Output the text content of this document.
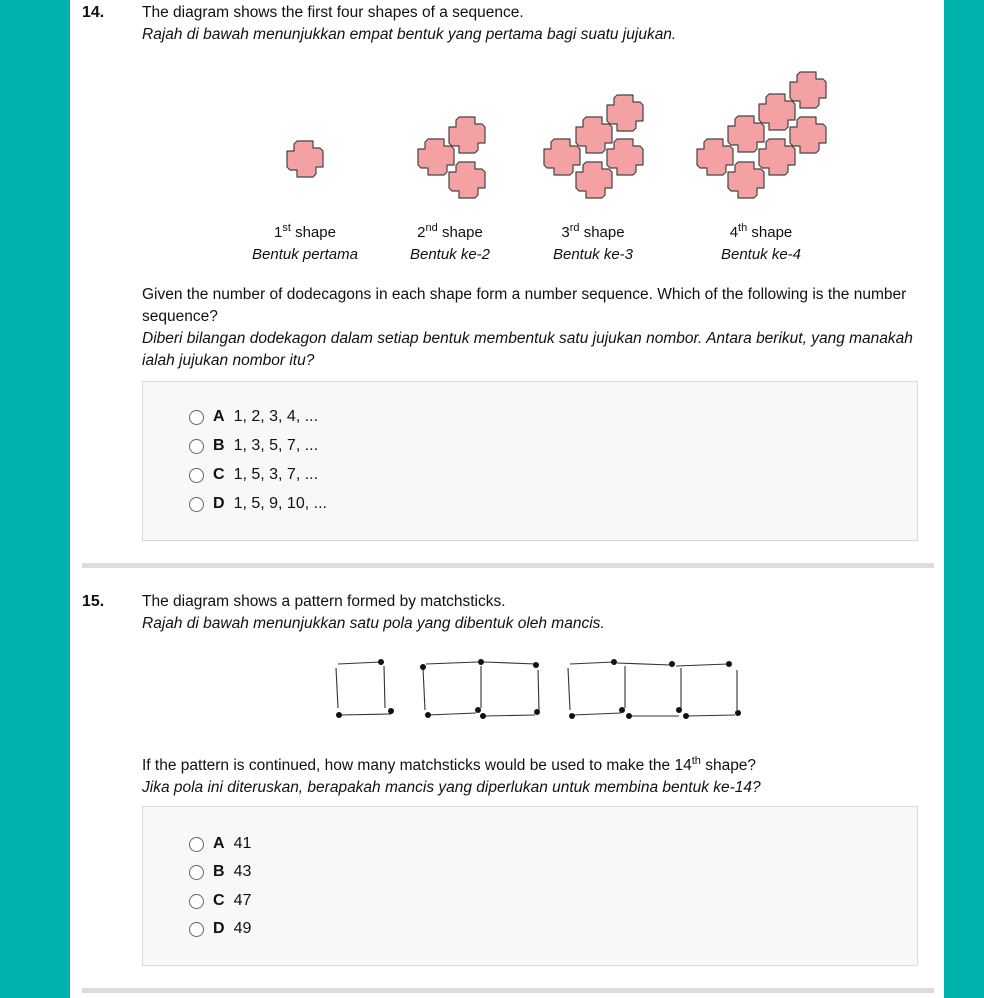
14. The diagram shows the first four shapes of a sequence.
Rajah di bawah menunjukkan empat bentuk yang pertama bagi suatu jujukan.
1st shape
Bentuk pertama
2nd shape
Bentuk ke-2
3rd shape
Bentuk ke-3
4th shape
Bentuk ke-4
Given the number of dodecagons in each shape form a number sequence. Which of the following is the number sequence?
Diberi bilangan dodekagon dalam setiap bentuk membentuk satu jujukan nombor. Antara berikut, yang manakah ialah jujukan nombor itu?
A 1, 2, 3, 4, ...
B 1, 3, 5, 7, ...
C 1, 5, 3, 7, ...
D 1, 5, 9, 10, ...
15. The diagram shows a pattern formed by matchsticks.
Rajah di bawah menunjukkan satu pola yang dibentuk oleh mancis.
If the pattern is continued, how many matchsticks would be used to make the 14th shape?
Jika pola ini diteruskan, berapakah mancis yang diperlukan untuk membina bentuk ke-14?
A 41
B 43
C 47
D 49
